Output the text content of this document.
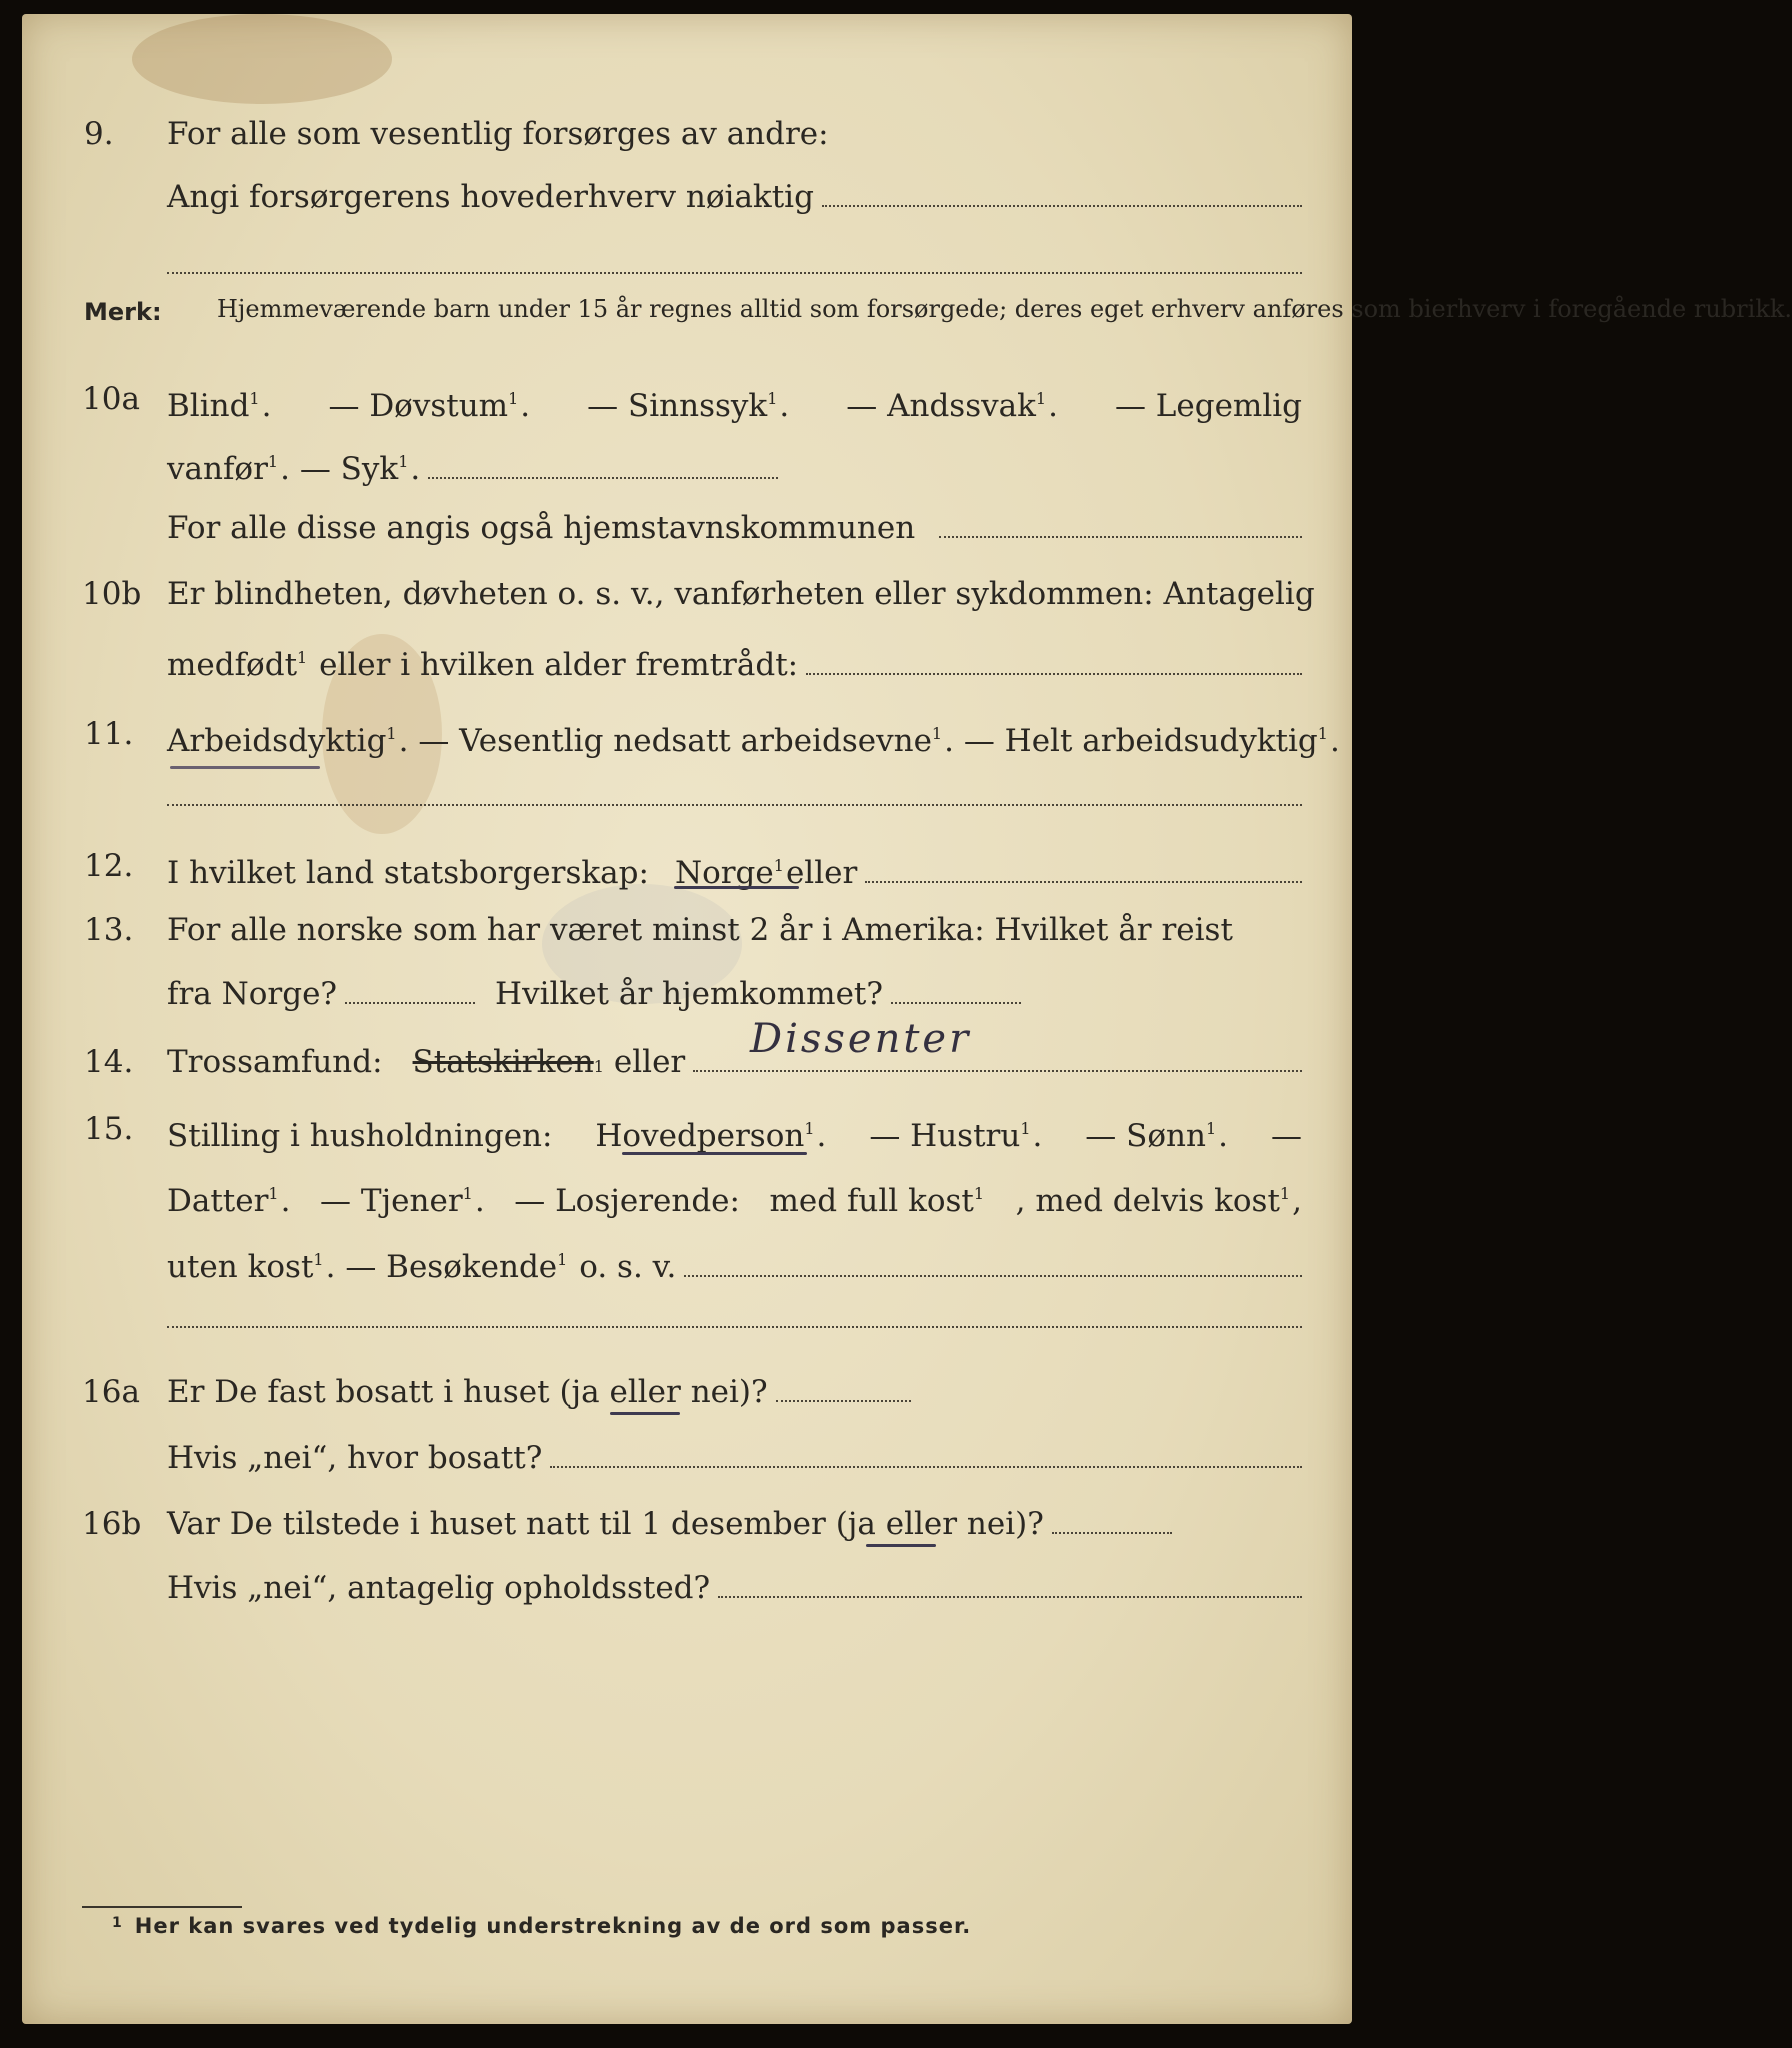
9. For alle som vesentlig forsørges av andre:
Angi forsørgerens hovederhverv nøiaktig
Merk: Hjemmeværende barn under 15 år regnes alltid som forsørgede; deres eget erhverv anføres som bierhverv i foregående rubrikk.
10a Blind$^1$. — Døvstum$^1$. — Sinnssyk$^1$. — Andssvak$^1$. — Legemlig
vanfør$^1$. — Syk$^1$.
For alle disse angis også hjemstavnskommunen
10b Er blindheten, døvheten o. s. v., vanførheten eller sykdommen: Antagelig
medfødt$^1$ eller i hvilken alder fremtrådt:
11. Arbeidsdyktig$^1$. — Vesentlig nedsatt arbeidsevne$^1$. — Helt arbeidsudyktig$^1$.
12. I hvilket land statsborgerskap: Norge$^1$ eller
13. For alle norske som har været minst 2 år i Amerika: Hvilket år reist
fra Norge?	Hvilket år hjemkommet?
14. Trossamfund: Statskirken 1 eller Dissenter
15. Stilling i husholdningen: Hovedperson$^1$. — Hustru$^1$. — Sønn$^1$. —
Datter$^1$. — Tjener$^1$. — Losjerende: med full kost$^1$ , med delvis kost$^1$,
uten kost$^1$. — Besøkende$^1$ o. s. v.
16a Er De fast bosatt i huset (ja eller nei)?
Hvis „nei“, hvor bosatt?
16b Var De tilstede i huset natt til 1 desember (ja eller nei)?
Hvis „nei“, antagelig opholdssted?
$^1$ Her kan svares ved tydelig understrekning av de ord som passer.
